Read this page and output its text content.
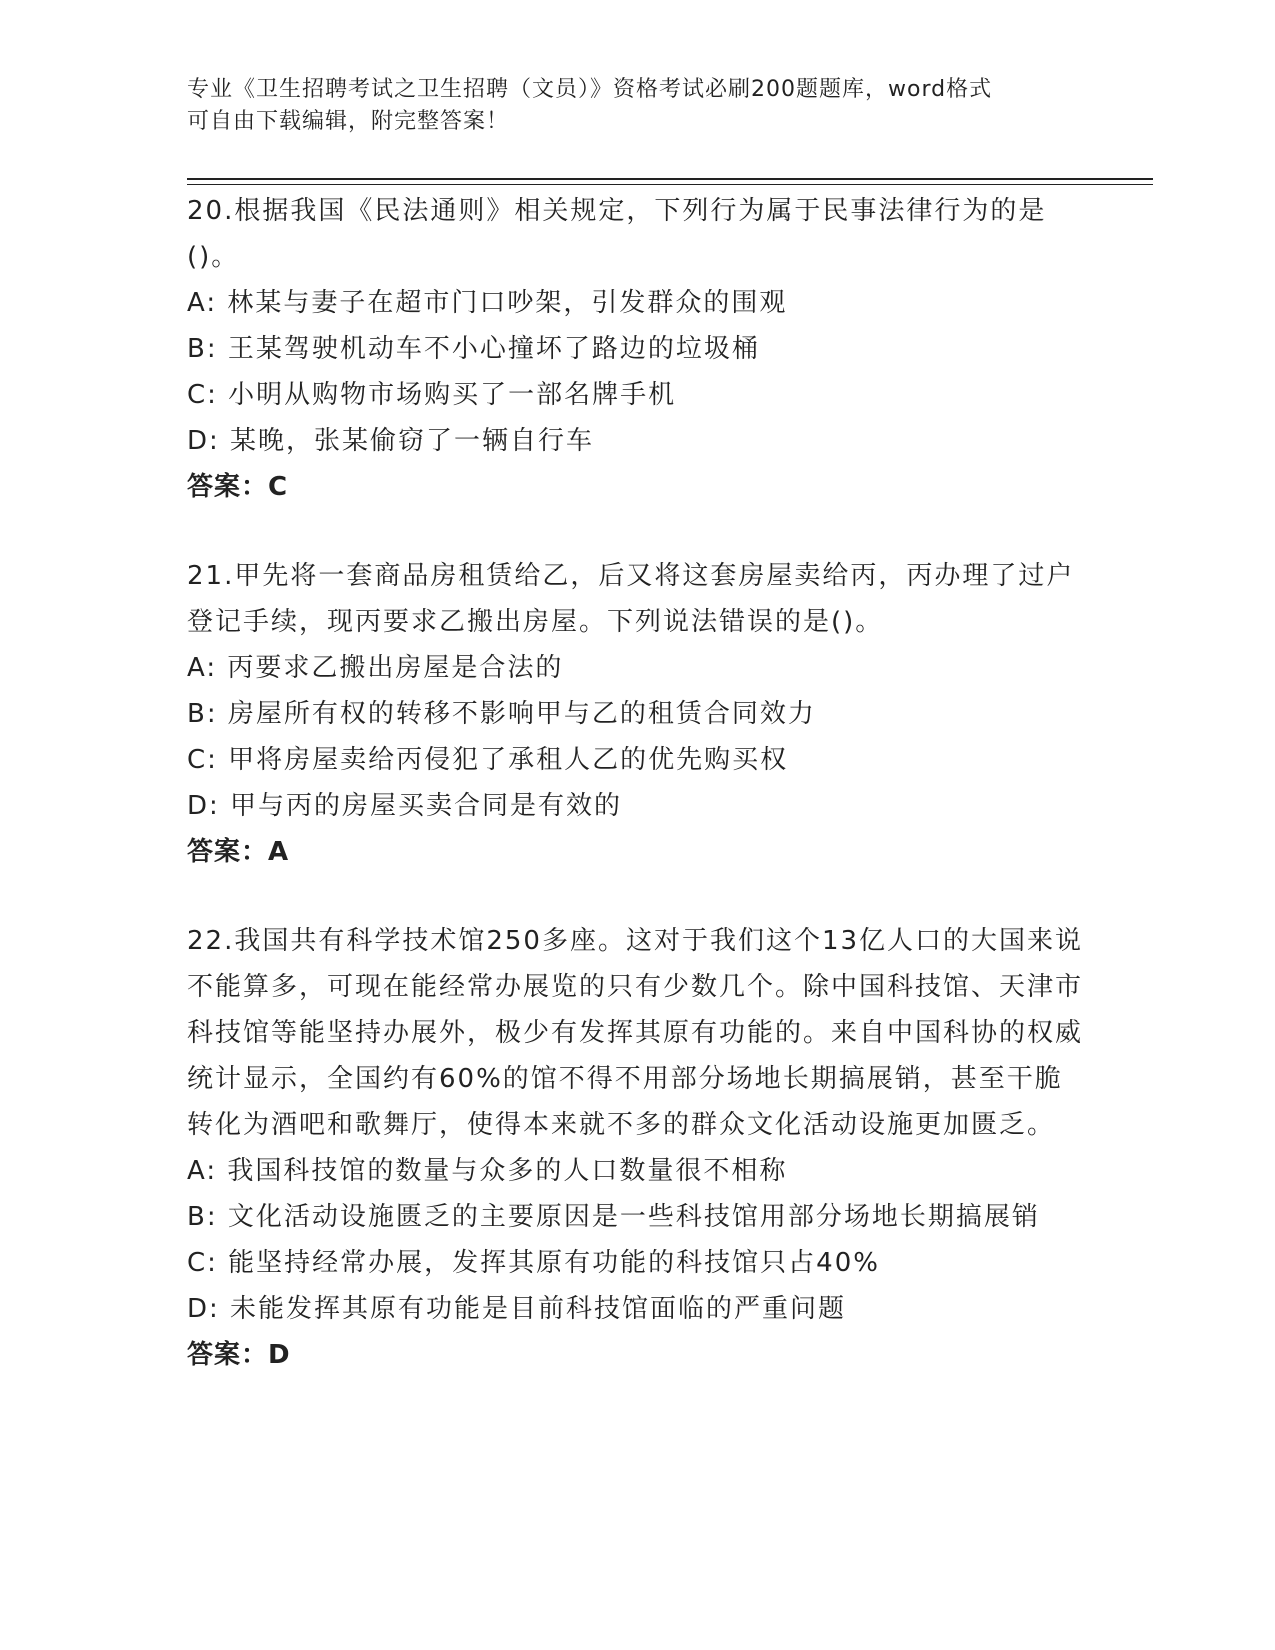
专业《卫生招聘考试之卫生招聘（文员）》资格考试必刷200题题库，word格式
可自由下载编辑，附完整答案！

20.根据我国《民法通则》相关规定，下列行为属于民事法律行为的是()。

A: 林某与妻子在超市门口吵架，引发群众的围观

B: 王某驾驶机动车不小心撞坏了路边的垃圾桶

C: 小明从购物市场购买了一部名牌手机

D: 某晚，张某偷窃了一辆自行车

答案：C

21.甲先将一套商品房租赁给乙，后又将这套房屋卖给丙，丙办理了过户登记手续，现丙要求乙搬出房屋。下列说法错误的是()。

A: 丙要求乙搬出房屋是合法的

B: 房屋所有权的转移不影响甲与乙的租赁合同效力

C: 甲将房屋卖给丙侵犯了承租人乙的优先购买权

D: 甲与丙的房屋买卖合同是有效的

答案：A

22.我国共有科学技术馆250多座。这对于我们这个13亿人口的大国来说不能算多，可现在能经常办展览的只有少数几个。除中国科技馆、天津市科技馆等能坚持办展外，极少有发挥其原有功能的。来自中国科协的权威统计显示，全国约有60%的馆不得不用部分场地长期搞展销，甚至干脆转化为酒吧和歌舞厅，使得本来就不多的群众文化活动设施更加匮乏。

A: 我国科技馆的数量与众多的人口数量很不相称

B: 文化活动设施匮乏的主要原因是一些科技馆用部分场地长期搞展销

C: 能坚持经常办展，发挥其原有功能的科技馆只占40%

D: 未能发挥其原有功能是目前科技馆面临的严重问题

答案：D
